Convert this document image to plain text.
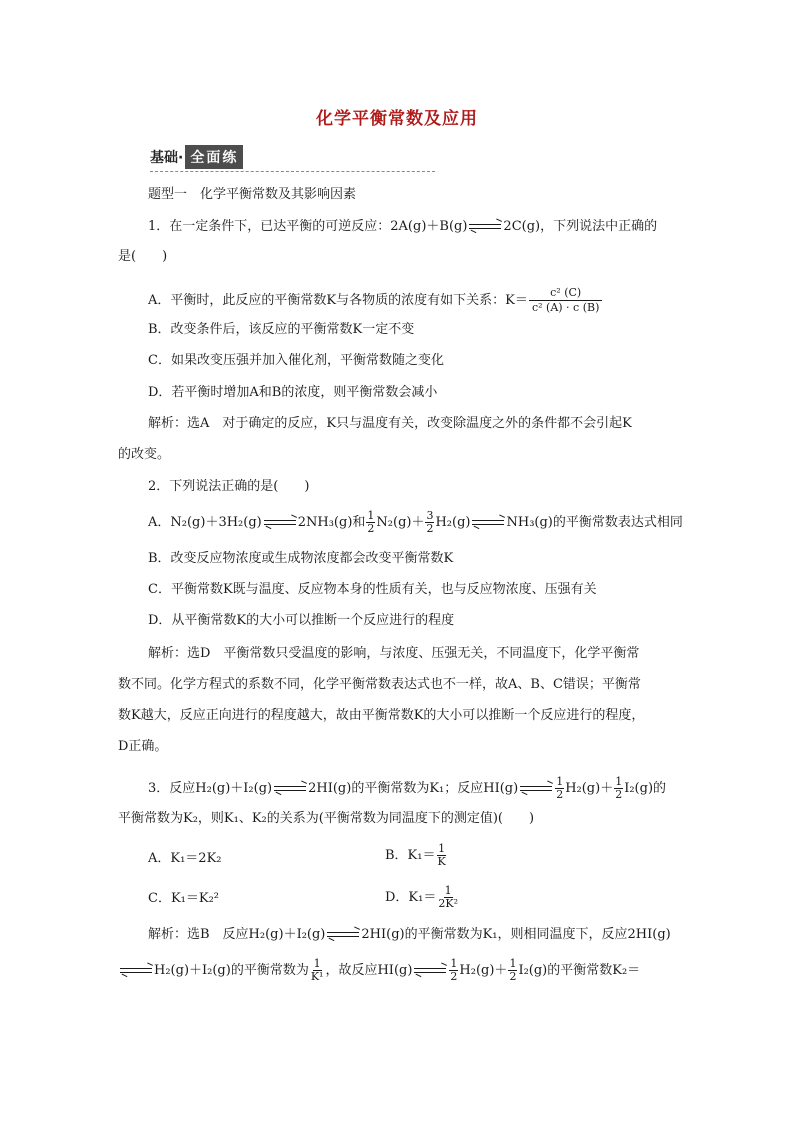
化学平衡常数及应用
基础· 全面练
题型一　化学平衡常数及其影响因素
1．在一定条件下，已达平衡的可逆反应：2A(g)＋B(g)	2C(g)，下列说法中正确的
是(　　)
A．平衡时，此反应的平衡常数K与各物质的浓度有如下关系：$K= \frac{\text{c² (C)}}{\text{c² (A) · c (B)}}$
B．改变条件后，该反应的平衡常数K一定不变
C．如果改变压强并加入催化剂，平衡常数随之变化
D．若平衡时增加A和B的浓度，则平衡常数会减小
解析：选A　对于确定的反应，K只与温度有关，改变除温度之外的条件都不会引起K
的改变。
2．下列说法正确的是(　　)
A．N₂(g)＋3H₂(g)	2NH₃(g)和 $\frac{1}{2} N_2(g)+ \frac{3}{2} H_2(g)$	NH₃(g)的平衡常数表达式相同
B．改变反应物浓度或生成物浓度都会改变平衡常数K
C．平衡常数K既与温度、反应物本身的性质有关，也与反应物浓度、压强有关
D．从平衡常数K的大小可以推断一个反应进行的程度
解析：选D　平衡常数只受温度的影响，与浓度、压强无关，不同温度下，化学平衡常
数不同。化学方程式的系数不同，化学平衡常数表达式也不一样，故A、B、C错误；平衡常
数K越大，反应正向进行的程度越大，故由平衡常数K的大小可以推断一个反应进行的程度，
D正确。
3．反应H₂(g)＋I₂(g)	2HI(g)的平衡常数为K₁；反应HI(g)	$\frac{1}{2} H_2(g)+ \frac{1}{2} I_2(g)$的
平衡常数为K₂，则K₁、K₂的关系为(平衡常数为同温度下的测定值)(　　)
A．K₁＝2K₂	B．$K_1= \frac{1}{K}$
C．K₁＝K₂²	D．$K_1= \frac{1}{\text{2K²}}$
解析：选B　反应H₂(g)＋I₂(g)	2HI(g)的平衡常数为K₁，则相同温度下，反应2HI(g)
H₂(g)＋I₂(g)的平衡常数为 $\frac{1}{\text{K¹}}$ ，故反应HI(g)	$\frac{1}{2} H_2(g)+ \frac{1}{2} I_2(g)$的平衡常数K₂＝
